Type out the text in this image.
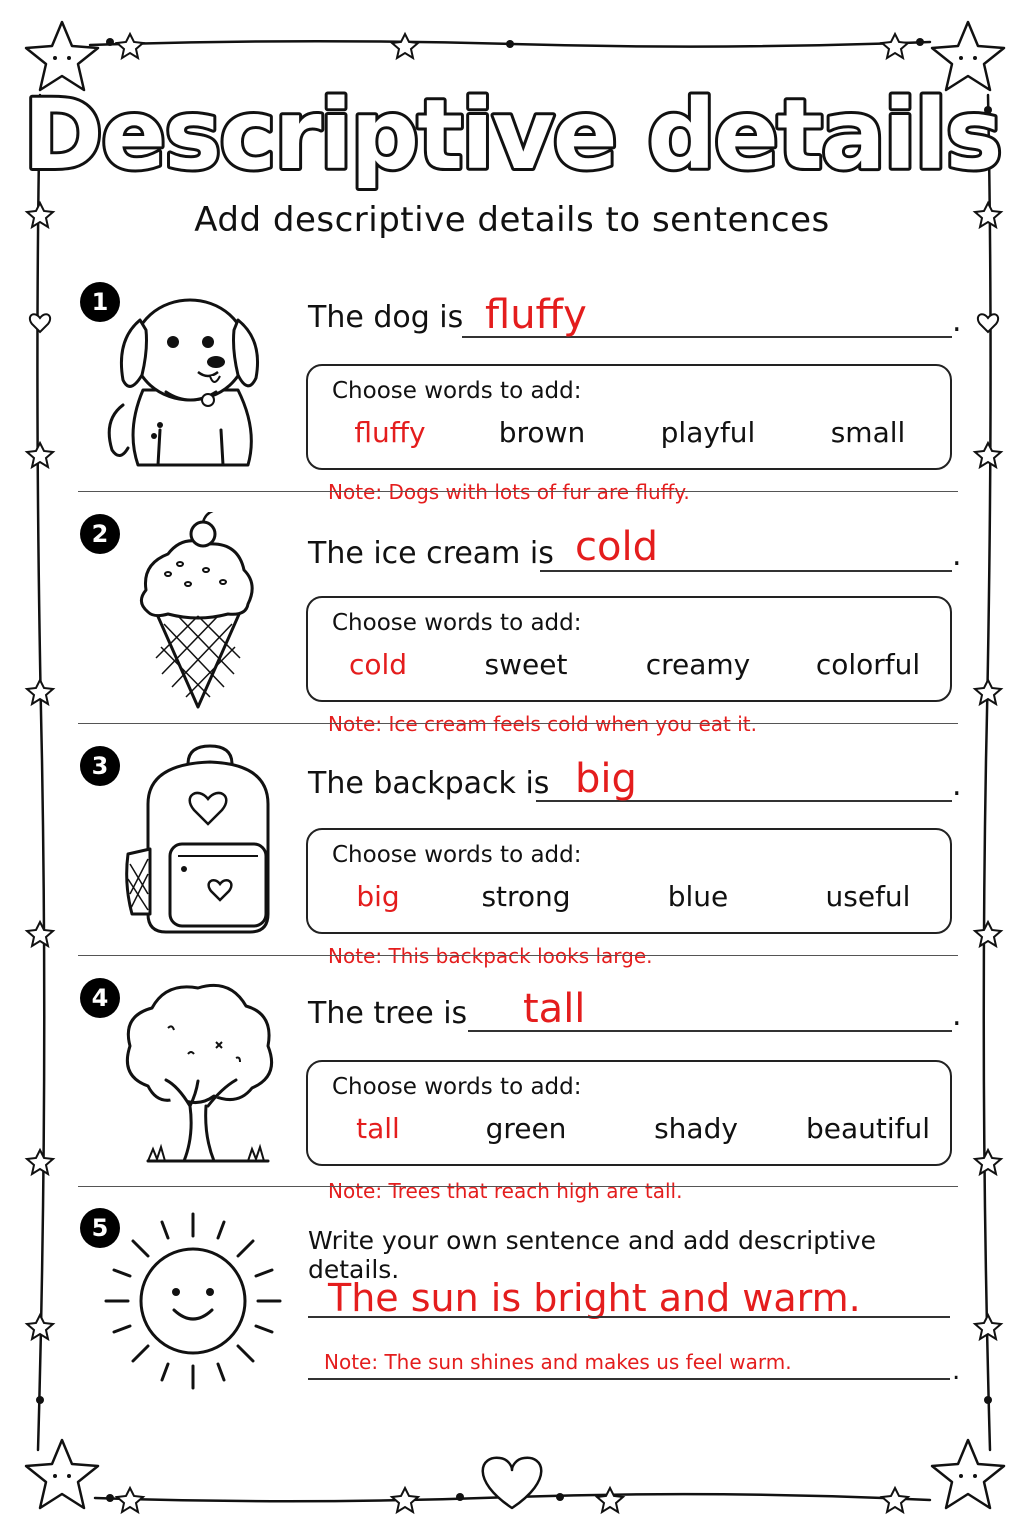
Descriptive details
Add descriptive details to sentences
1	The dog is fluffy	.
Choose words to add:
fluffy	brown	playful	small
Note: Dogs with lots of fur are fluffy.
2
The ice cream is cold	.
Choose words to add:
cold	sweet	creamy	colorful
Note: Ice cream feels cold when you eat it.
3	The backpack is big	.
Choose words to add:
big	strong	blue	useful
Note: This backpack looks large.
4	The tree is tall	.
Choose words to add:
tall	green	shady	beautiful
Note: Trees that reach high are tall.
5	Write your own sentence and add descriptive details.
The sun is bright and warm.
Note: The sun shines and makes us feel warm.	.
